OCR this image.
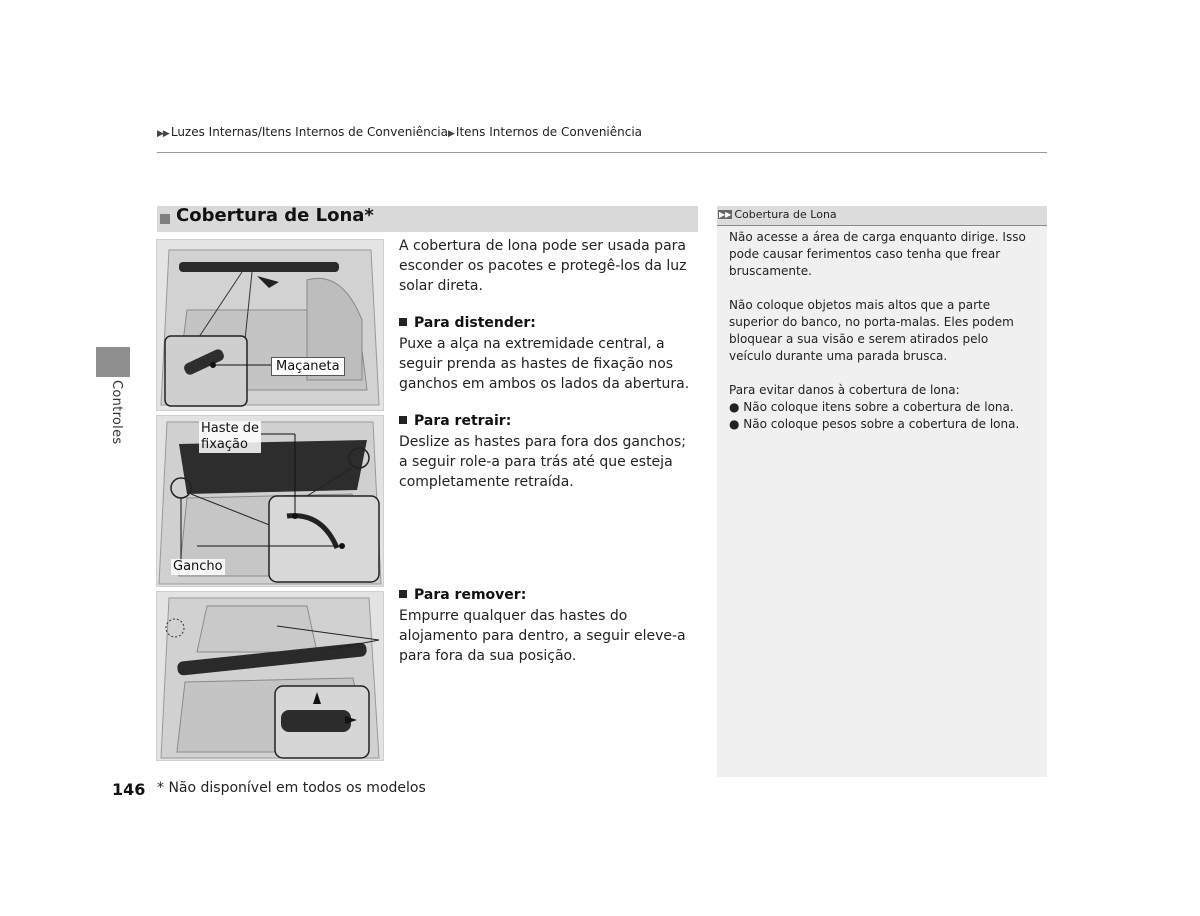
▶▶ Luzes Internas/Itens Internos de Conveniência▶ Itens Internos de Conveniência
Controles
Cobertura de Lona*
Maçaneta
Haste de
fixação
Gancho

A cobertura de lona pode ser usada para esconder os pacotes e protegê-los da luz solar direta.

Para distender:

Puxe a alça na extremidade central, a seguir prenda as hastes de fixação nos ganchos em ambos os lados da abertura.

Para retrair:

Deslize as hastes para fora dos ganchos; a seguir role-a para trás até que esteja completamente retraída.

Para remover:

Empurre qualquer das hastes do alojamento para dentro, a seguir eleve-a para fora da sua posição.

▶▶ Cobertura de Lona

Não acesse a área de carga enquanto dirige. Isso pode causar ferimentos caso tenha que frear bruscamente.

Não coloque objetos mais altos que a parte superior do banco, no porta-malas. Eles podem bloquear a sua visão e serem atirados pelo veículo durante uma parada brusca.

Para evitar danos à cobertura de lona:

● Não coloque itens sobre a cobertura de lona.
● Não coloque pesos sobre a cobertura de lona.
146 * Não disponível em todos os modelos
